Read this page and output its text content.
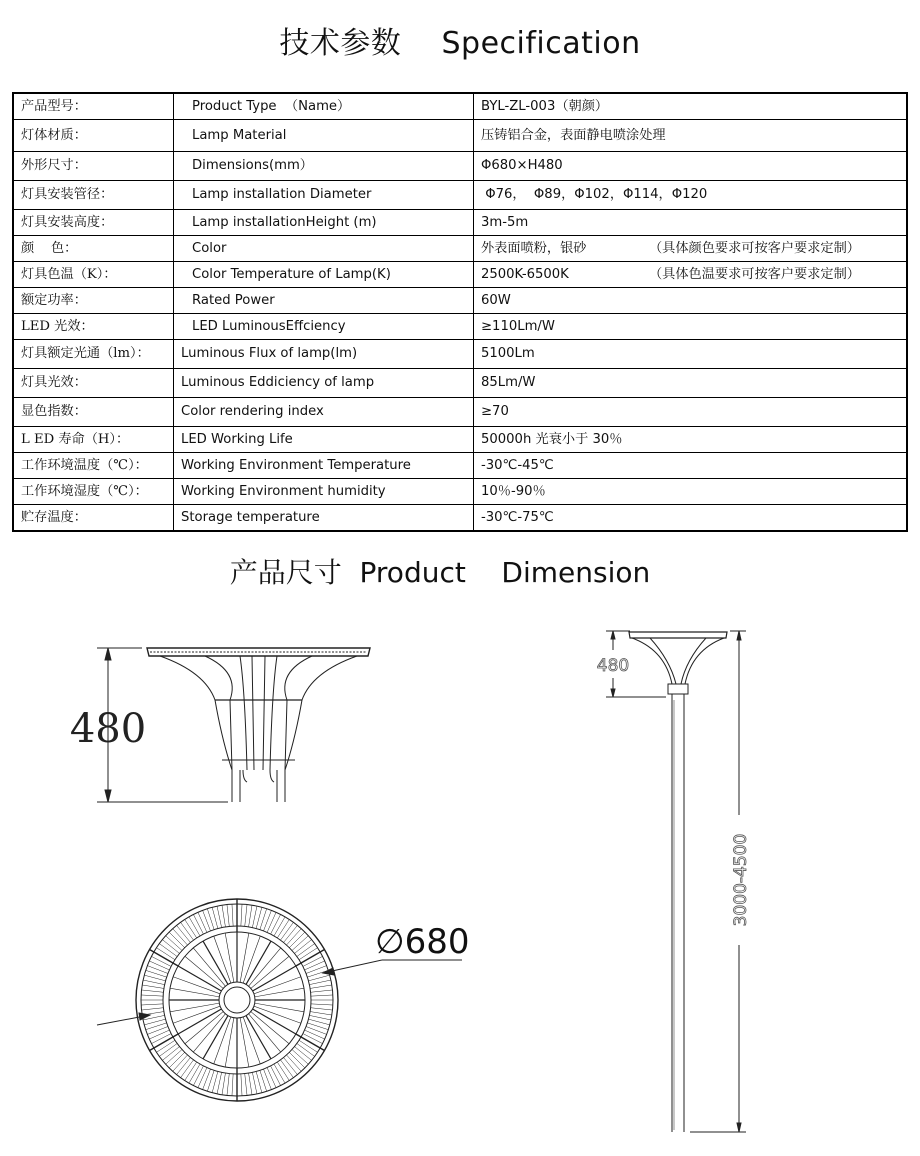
技术参数    Specification
产品型号：	Product Type  （Name）	BYL-ZL-003（朝颜）
灯体材质：	Lamp Material	压铸铝合金，表面静电喷涂处理
外形尺寸：	Dimensions(mm）	Φ680×H480
灯具安装管径：	Lamp installation Diameter	Φ76，  Φ89，Φ102，Φ114，Φ120
灯具安装高度：	Lamp installationHeight (m)	3m-5m
颜    色：	Color	外表面喷粉，银砂 （具体颜色要求可按客户要求定制）

灯具色温（K）：	Color Temperature of Lamp(K)	2500K-6500K （具体色温要求可按客户要求定制）

额定功率：	Rated Power	60W
LED 光效：	LED LuminousEffciency	≥110Lm/W
灯具额定光通（lm）：	Luminous Flux of lamp(lm)	5100Lm
灯具光效：	Luminous Eddiciency of lamp	85Lm/W
显色指数：	Color rendering index	≥70
L ED 寿命（H）：	LED Working Life	50000h 光衰小于 30％
工作环境温度（℃）：	Working Environment Temperature	-30℃-45℃
工作环境湿度（℃）：	Working Environment humidity	10％-90％
贮存温度：	Storage temperature	-30℃-75℃
产品尺寸  Product    Dimension
480
∅680
480
3000-4500
